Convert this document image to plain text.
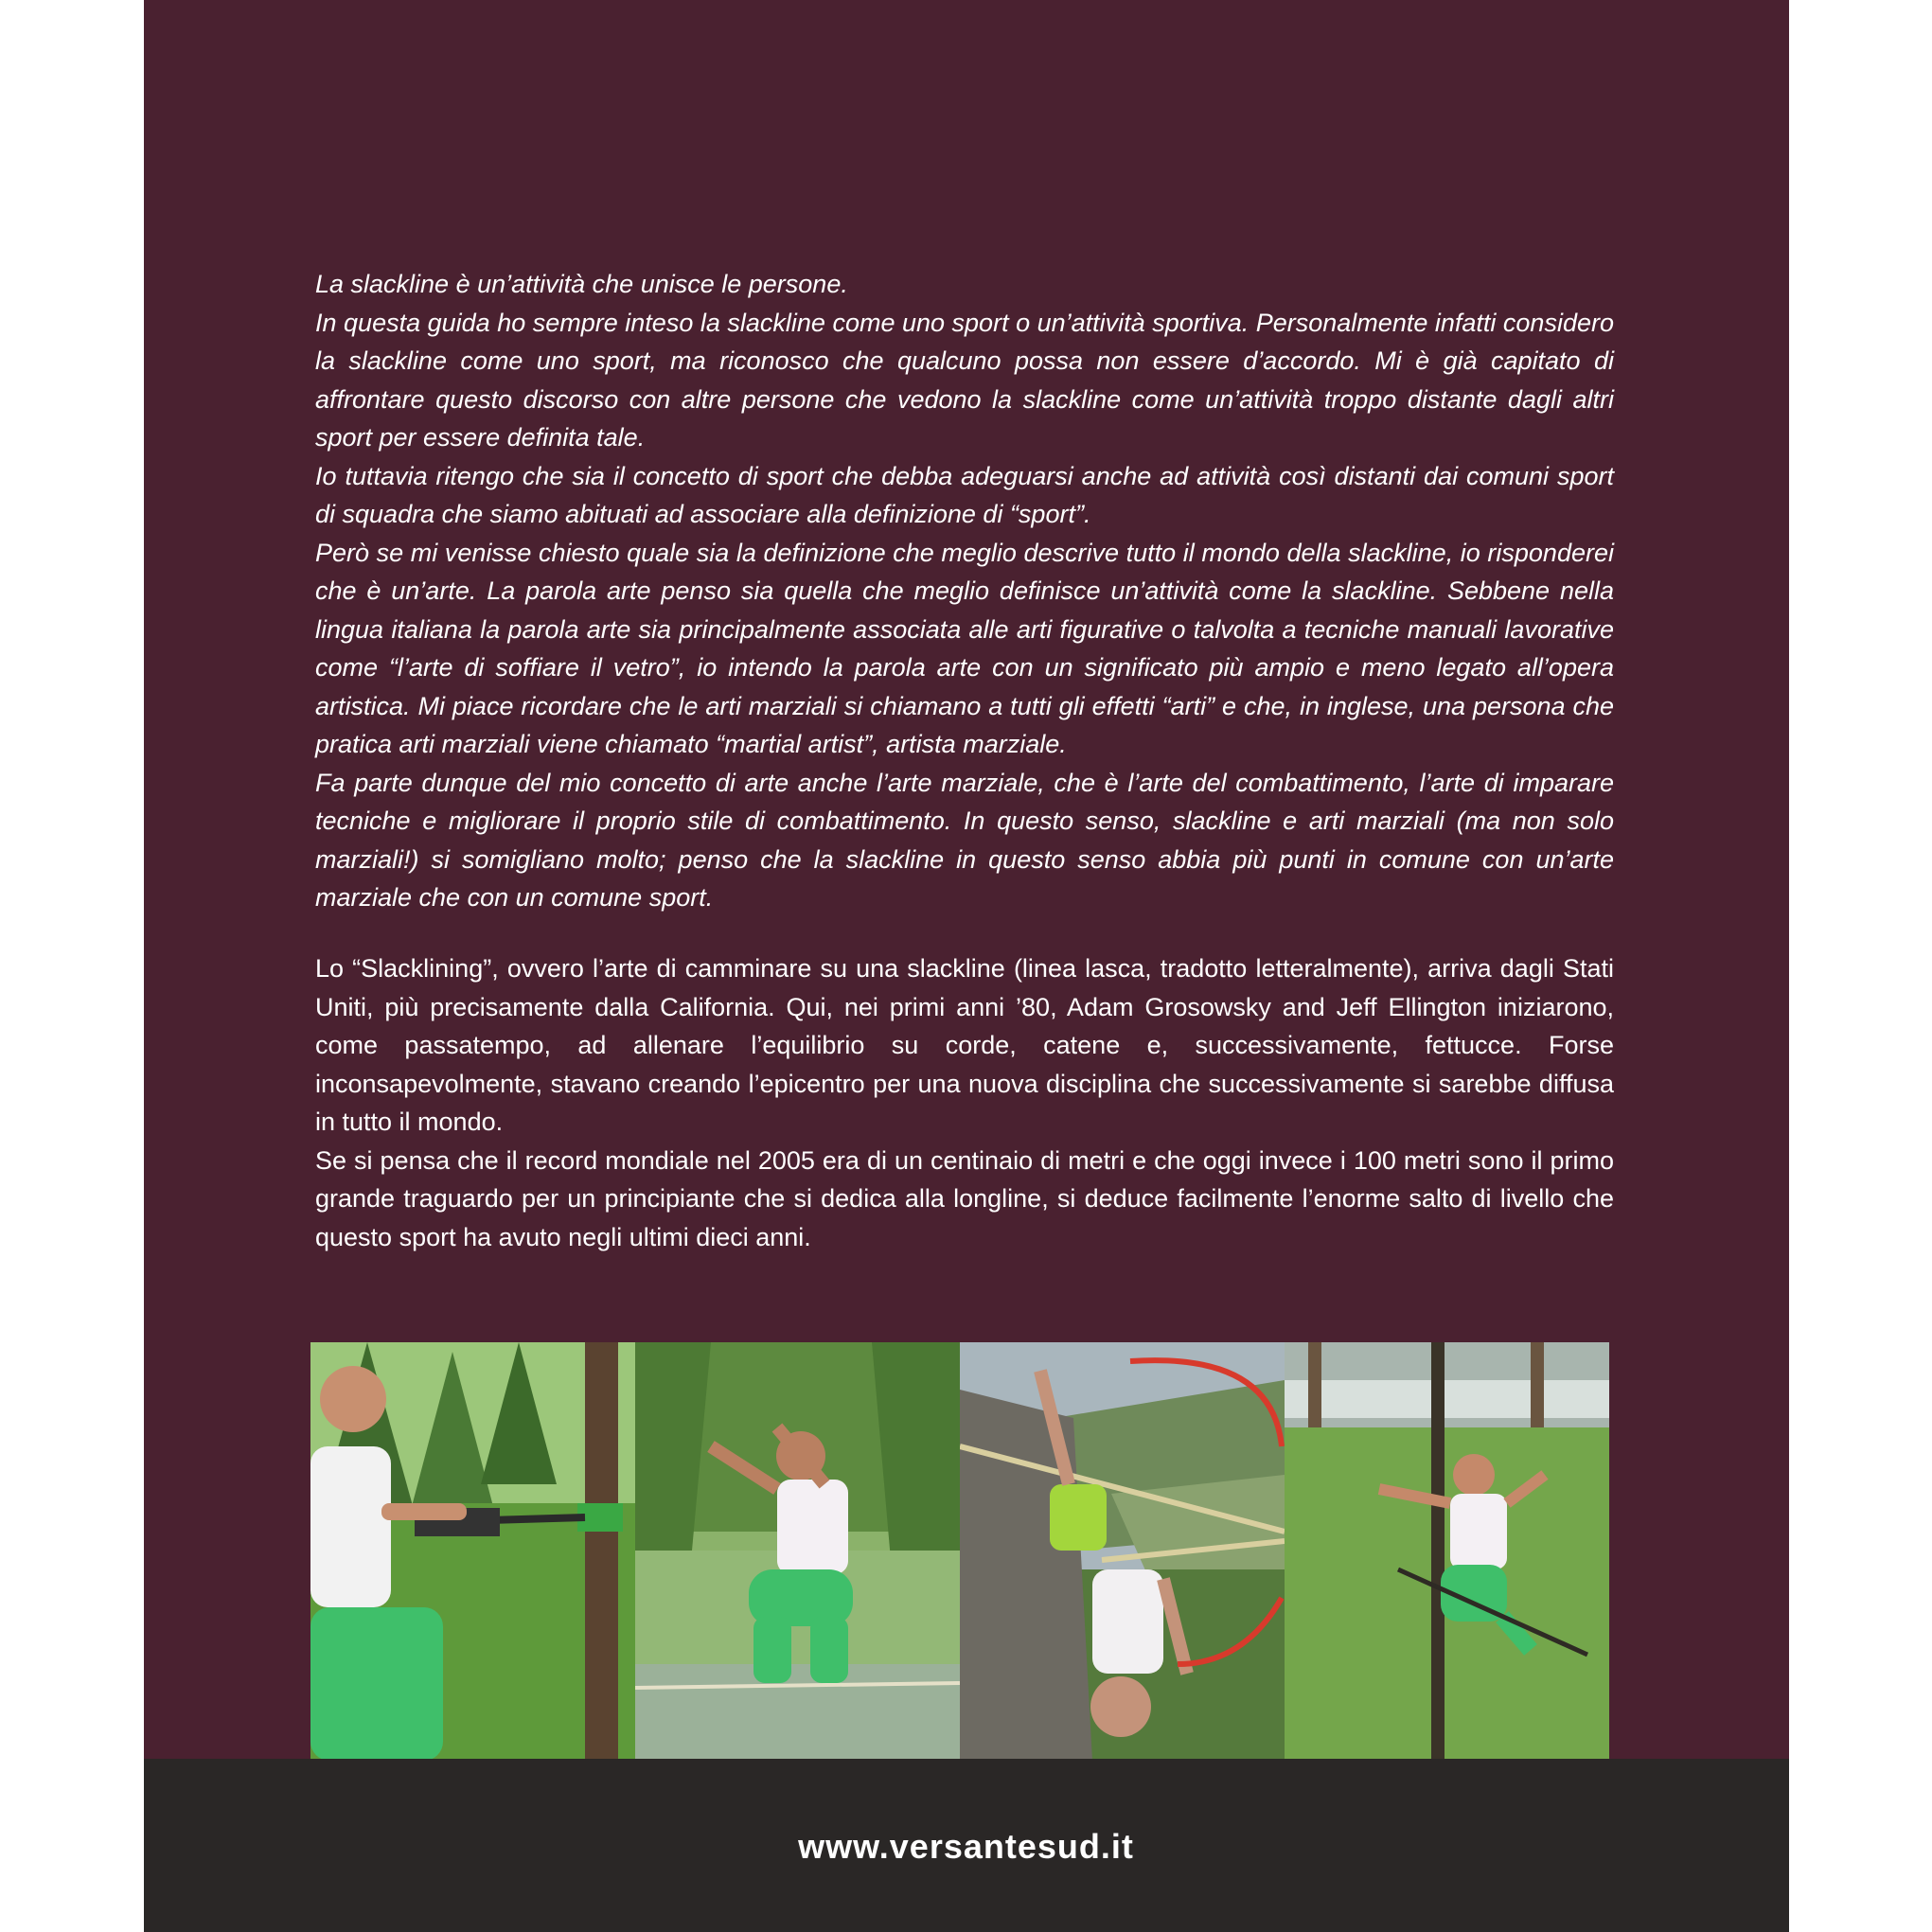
La slackline è un’attività che unisce le persone.

In questa guida ho sempre inteso la slackline come uno sport o un’attività sportiva. Personalmente infatti considero la slackline come uno sport, ma riconosco che qualcuno possa non essere d’accordo. Mi è già capitato di affrontare questo discorso con altre persone che vedono la slackline come un’attività troppo distante dagli altri sport per essere definita tale.

Io tuttavia ritengo che sia il concetto di sport che debba adeguarsi anche ad attività così distanti dai comuni sport di squadra che siamo abituati ad associare alla definizione di “sport”.

Però se mi venisse chiesto quale sia la definizione che meglio descrive tutto il mondo della slackline, io risponderei che è un’arte. La parola arte penso sia quella che meglio definisce un’attività come la slackline. Sebbene nella lingua italiana la parola arte sia principalmente associata alle arti figurative o talvolta a tecniche manuali lavorative come “l’arte di soffiare il vetro”, io intendo la parola arte con un significato più ampio e meno legato all’opera artistica. Mi piace ricordare che le arti marziali si chiamano a tutti gli effetti “arti” e che, in inglese, una persona che pratica arti marziali viene chiamato “martial artist”, artista marziale.

Fa parte dunque del mio concetto di arte anche l’arte marziale, che è l’arte del combattimento, l’arte di imparare tecniche e migliorare il proprio stile di combattimento. In questo senso, slackline e arti marziali (ma non solo marziali!) si somigliano molto; penso che la slackline in questo senso abbia più punti in comune con un’arte marziale che con un comune sport.

Lo “Slacklining”, ovvero l’arte di camminare su una slackline (linea lasca, tradotto letteralmente), arriva dagli Stati Uniti, più precisamente dalla California. Qui, nei primi anni ’80, Adam Grosowsky and Jeff Ellington iniziarono, come passatempo, ad allenare l’equilibrio su corde, catene e, successivamente, fettucce. Forse inconsapevolmente, stavano creando l’epicentro per una nuova disciplina che successivamente si sarebbe diffusa in tutto il mondo.

Se si pensa che il record mondiale nel 2005 era di un centinaio di metri e che oggi invece i 100 metri sono il primo grande traguardo per un principiante che si dedica alla longline, si deduce facilmente l’enorme salto di livello che questo sport ha avuto negli ultimi dieci anni.

www.versantesud.it
